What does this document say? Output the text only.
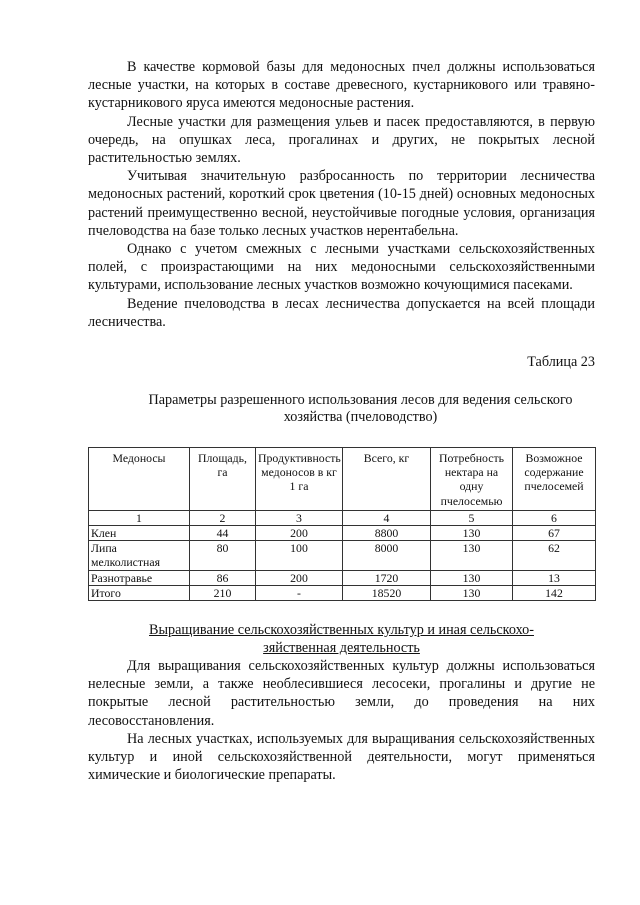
В качестве кормовой базы для медоносных пчел должны использоваться лесные участки, на которых в составе древесного, кустарникового или травяно-кустарникового яруса имеются медоносные растения.

Лесные участки для размещения ульев и пасек предоставляются, в первую очередь, на опушках леса, прогалинах и других, не покрытых лесной растительностью землях.

Учитывая значительную разбросанность по территории лесничества медоносных растений, короткий срок цветения (10-15 дней) основных медоносных растений преимущественно весной, неустойчивые погодные условия, организация пчеловодства на базе только лесных участков нерентабельна.

Однако с учетом смежных с лесными участками сельскохозяйственных полей, с произрастающими на них медоносными сельскохозяйственными культурами, использование лесных участков возможно кочующимися пасеками.

Ведение пчеловодства в лесах лесничества допускается на всей площади лесничества.

Таблица 23
Параметры разрешенного использования лесов для ведения сельского хозяйства (пчеловодство)
Медоносы	Площадь, га	Продуктивность медоносов в кг 1 га	Всего, кг	Потребность нектара на одну пчелосемью	Возможное содержание пчелосемей
1	2	3	4	5	6
Клен	44	200	8800	130	67
Липа мелколистная	80	100	8000	130	62
Разнотравье	86	200	1720	130	13
Итого	210	-	18520	130	142
Выращивание сельскохозяйственных культур и иная сельскохо-
зяйственная деятельность

Для выращивания сельскохозяйственных культур должны использоваться нелесные земли, а также необлесившиеся лесосеки, прогалины и другие не покрытые лесной растительностью земли, до проведения на них лесовосстановления.

На лесных участках, используемых для выращивания сельскохозяйственных культур и иной сельскохозяйственной деятельности, могут применяться химические и биологические препараты.
